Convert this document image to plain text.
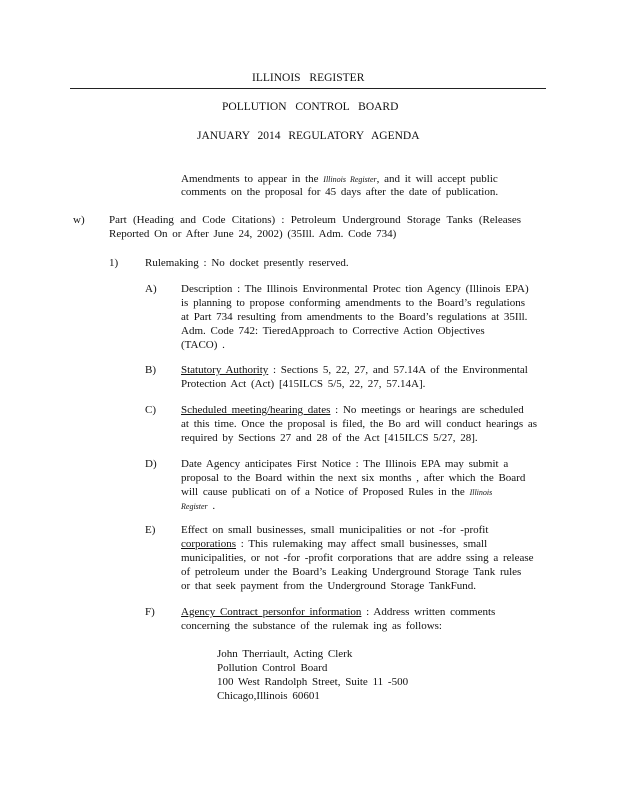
ILLINOIS REGISTER
POLLUTION CONTROL BOARD
JANUARY 2014 REGULATORY AGENDA
Amendments to appear in the Illinois Register, and it will accept public
comments on the proposal for 45 days after the date of publication.
w) Part (Heading and Code Citations) : Petroleum Underground Storage Tanks (Releases
Reported On or After June 24, 2002) (35Ill. Adm. Code 734)
1) Rulemaking : No docket presently reserved.
A) Description : The Illinois Environmental Protec tion Agency (Illinois EPA)
is planning to propose conforming amendments to the Board’s regulations
at Part 734 resulting from amendments to the Board’s regulations at 35Ill.
Adm. Code 742: TieredApproach to Corrective Action Objectives
(TACO) .
B) Statutory Authority : Sections 5, 22, 27, and 57.14A of the Environmental
Protection Act (Act) [415ILCS 5/5, 22, 27, 57.14A].
C) Scheduled meeting/hearing dates : No meetings or hearings are scheduled
at this time. Once the proposal is filed, the Bo ard will conduct hearings as
required by Sections 27 and 28 of the Act [415ILCS 5/27, 28].
D) Date Agency anticipates First Notice : The Illinois EPA may submit a
proposal to the Board within the next six months , after which the Board
will cause publicati on of a Notice of Proposed Rules in the Illinois
Register .
E) Effect on small businesses, small municipalities or not -for -profit
corporations : This rulemaking may affect small businesses, small
municipalities, or not -for -profit corporations that are addre ssing a release
of petroleum under the Board’s Leaking Underground Storage Tank rules
or that seek payment from the Underground Storage TankFund.
F) Agency Contract personfor information : Address written comments
concerning the substance of the rulemak ing as follows:
John Therriault, Acting Clerk
Pollution Control Board
100 West Randolph Street, Suite 11 -500
Chicago,Illinois 60601
